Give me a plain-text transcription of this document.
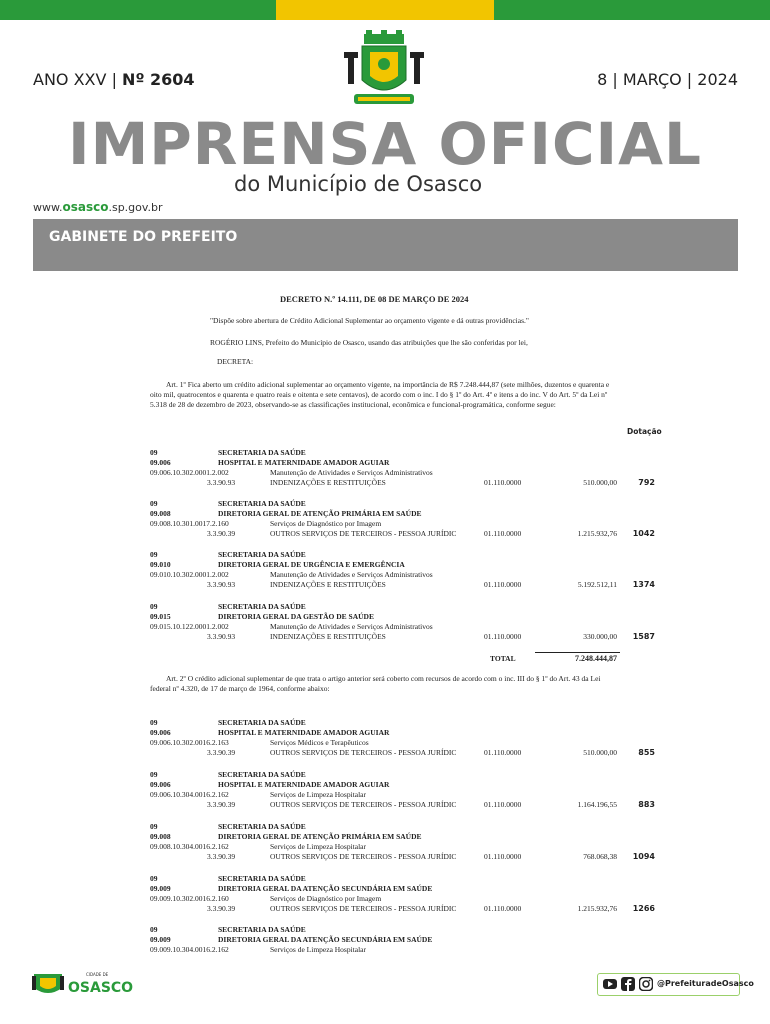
ANO XXV | Nº 2604	8 | MARÇO | 2024
IMPRENSA OFICIAL
do Município de Osasco
www.osasco.sp.gov.br
GABINETE DO PREFEITO
DECRETO N.º 14.111, DE 08 DE MARÇO DE 2024
"Dispõe sobre abertura de Crédito Adicional Suplementar ao orçamento vigente e dá outras providências."
ROGÉRIO LINS, Prefeito do Município de Osasco, usando das atribuições que lhe são conferidas por lei,
DECRETA:
Art. 1º Fica aberto um crédito adicional suplementar ao orçamento vigente, na importância de R$ 7.248.444,87 (sete milhões, duzentos e quarenta e oito mil, quatrocentos e quarenta e quatro reais e oitenta e sete centavos), de acordo com o inc. I do § 1º do Art. 4º e itens a do inc. V do Art. 5º da Lei nº 5.318 de 28 de dezembro de 2023, observando-se as classificações institucional, econômica e funcional-programática, conforme segue:
Dotação
09	SECRETARIA DA SAÚDE
09.006	HOSPITAL E MATERNIDADE AMADOR AGUIAR
09.006.10.302.0001.2.002	Manutenção de Atividades e Serviços Administrativos
3.3.90.93	INDENIZAÇÕES E RESTITUIÇÕES	01.110.0000	510.000,00	792
09	SECRETARIA DA SAÚDE
09.008	DIRETORIA GERAL DE ATENÇÃO PRIMÁRIA EM SAÚDE
09.008.10.301.0017.2.160	Serviços de Diagnóstico por Imagem
3.3.90.39	OUTROS SERVIÇOS DE TERCEIROS - PESSOA JURÍDIC	01.110.0000	1.215.932,76	1042
09	SECRETARIA DA SAÚDE
09.010	DIRETORIA GERAL DE URGÊNCIA E EMERGÊNCIA
09.010.10.302.0001.2.002	Manutenção de Atividades e Serviços Administrativos
3.3.90.93	INDENIZAÇÕES E RESTITUIÇÕES	01.110.0000	5.192.512,11	1374
09	SECRETARIA DA SAÚDE
09.015	DIRETORIA GERAL DA GESTÃO DE SAÚDE
09.015.10.122.0001.2.002	Manutenção de Atividades e Serviços Administrativos
3.3.90.93	INDENIZAÇÕES E RESTITUIÇÕES	01.110.0000	330.000,00	1587
TOTAL	7.248.444,87
Art. 2º O crédito adicional suplementar de que trata o artigo anterior será coberto com recursos de acordo com o inc. III do § 1º do Art. 43 da Lei federal nº 4.320, de 17 de março de 1964, conforme abaixo:
09	SECRETARIA DA SAÚDE
09.006	HOSPITAL E MATERNIDADE AMADOR AGUIAR
09.006.10.302.0016.2.163	Serviços Médicos e Terapêuticos
3.3.90.39	OUTROS SERVIÇOS DE TERCEIROS - PESSOA JURÍDIC	01.110.0000	510.000,00	855
09	SECRETARIA DA SAÚDE
09.006	HOSPITAL E MATERNIDADE AMADOR AGUIAR
09.006.10.304.0016.2.162	Serviços de Limpeza Hospitalar
3.3.90.39	OUTROS SERVIÇOS DE TERCEIROS - PESSOA JURÍDIC	01.110.0000	1.164.196,55	883
09	SECRETARIA DA SAÚDE
09.008	DIRETORIA GERAL DE ATENÇÃO PRIMÁRIA EM SAÚDE
09.008.10.304.0016.2.162	Serviços de Limpeza Hospitalar
3.3.90.39	OUTROS SERVIÇOS DE TERCEIROS - PESSOA JURÍDIC	01.110.0000	768.068,38	1094
09	SECRETARIA DA SAÚDE
09.009	DIRETORIA GERAL DA ATENÇÃO SECUNDÁRIA EM SAÚDE
09.009.10.302.0016.2.160	Serviços de Diagnóstico por Imagem
3.3.90.39	OUTROS SERVIÇOS DE TERCEIROS - PESSOA JURÍDIC	01.110.0000	1.215.932,76	1266
09	SECRETARIA DA SAÚDE
09.009	DIRETORIA GERAL DA ATENÇÃO SECUNDÁRIA EM SAÚDE
09.009.10.304.0016.2.162	Serviços de Limpeza Hospitalar
CIDADE DE
OSASCO	@PrefeituradeOsasco
